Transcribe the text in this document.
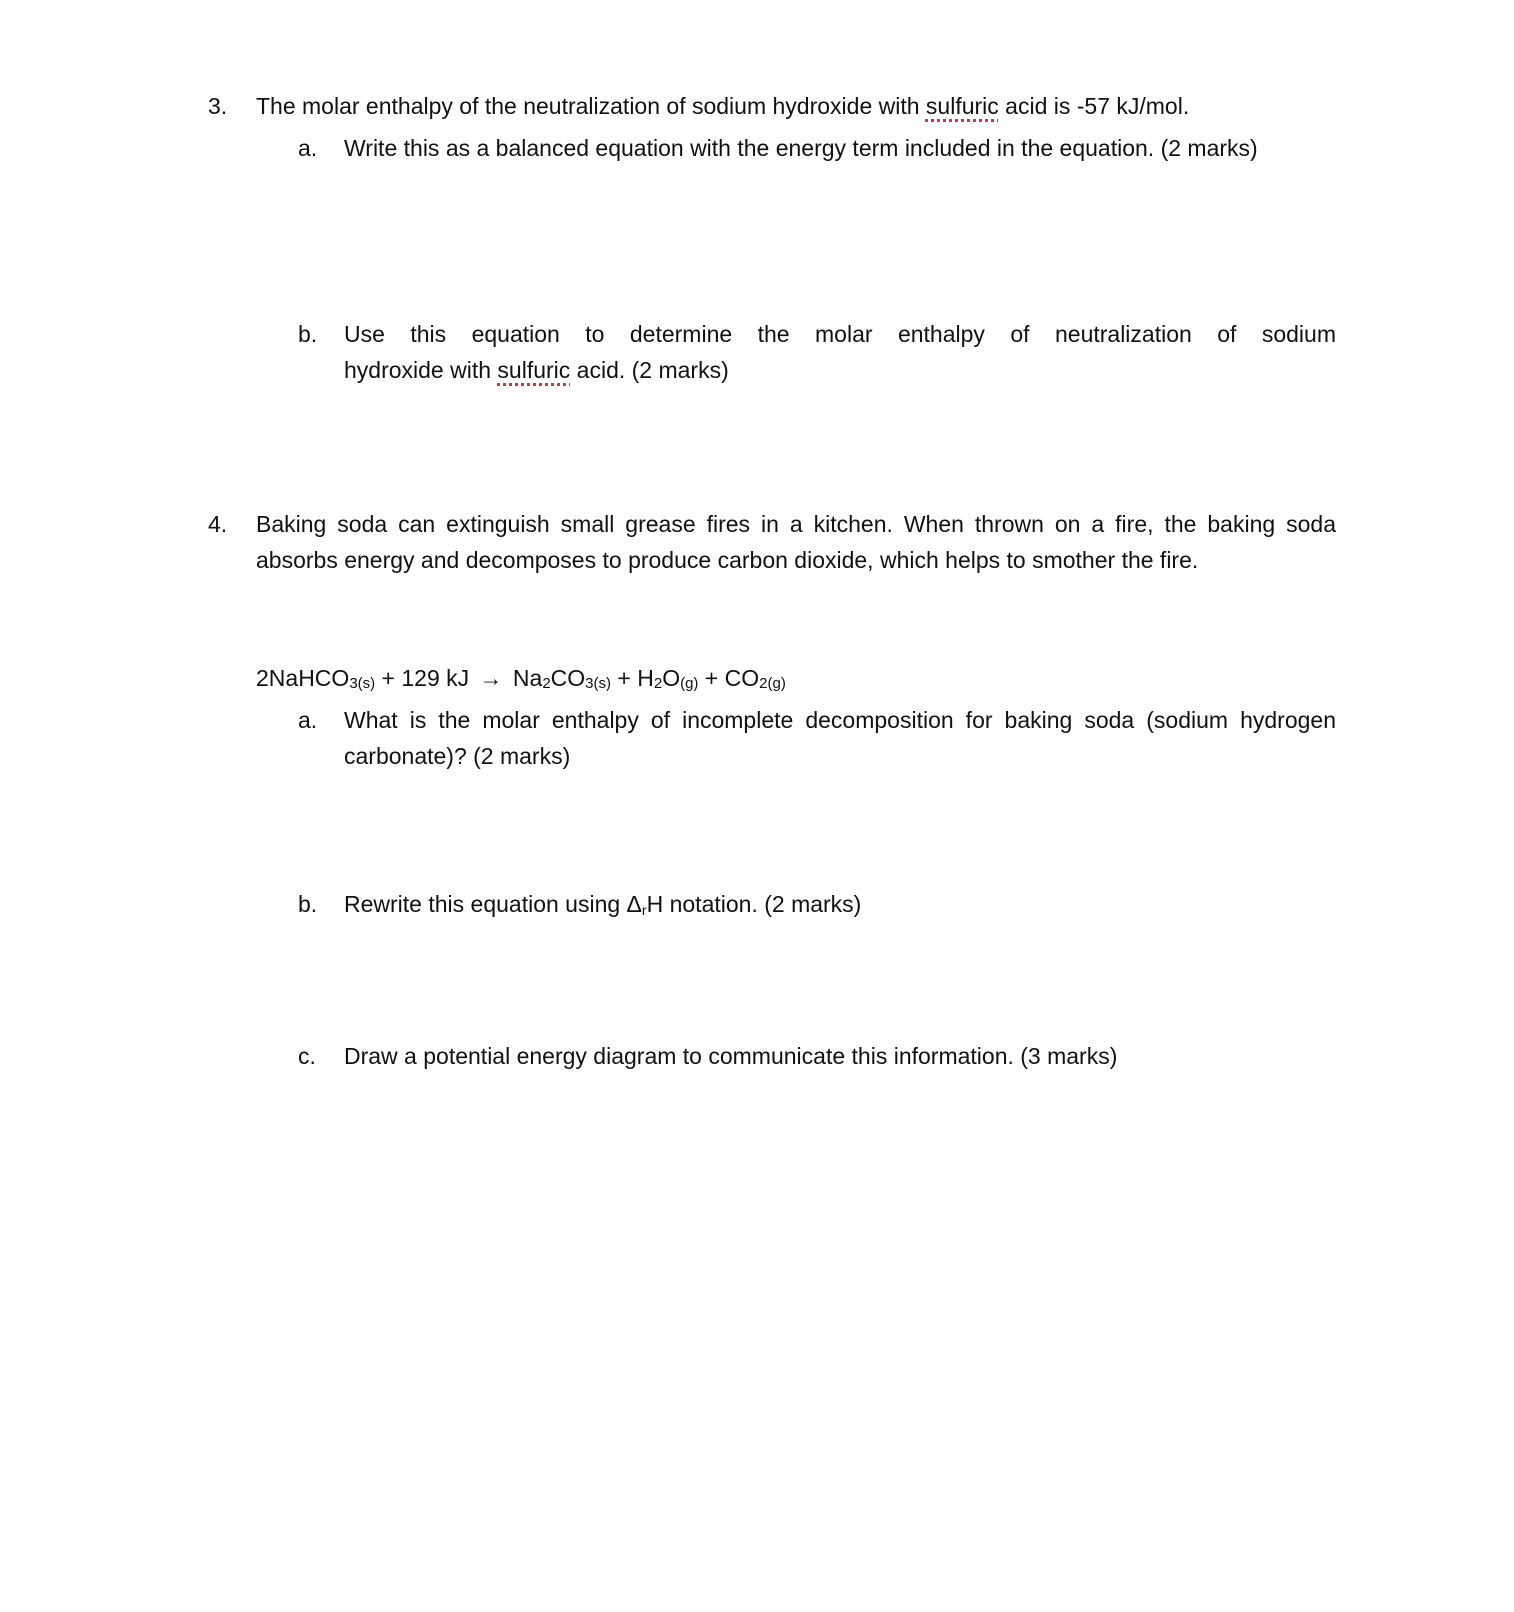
3. The molar enthalpy of the neutralization of sodium hydroxide with sulfuric acid is -57 kJ/mol.
a. Write this as a balanced equation with the energy term included in the equation. (2 marks)
b. Use this equation to determine the molar enthalpy of neutralization of sodium
hydroxide with sulfuric acid. (2 marks)
4. Baking soda can extinguish small grease fires in a kitchen. When thrown on a fire, the baking soda absorbs energy and decomposes to produce carbon dioxide, which helps to smother the fire.
2NaHCO$_{3(s)}$ + 129 kJ → $Na_2CO_{3(s)} + H_2O_{(g)} + CO_{2(g)}$
a. What is the molar enthalpy of incomplete decomposition for baking soda (sodium hydrogen carbonate)? (2 marks)
b. Rewrite this equation using $\Delta_rH$ notation. (2 marks)
c. Draw a potential energy diagram to communicate this information. (3 marks)
